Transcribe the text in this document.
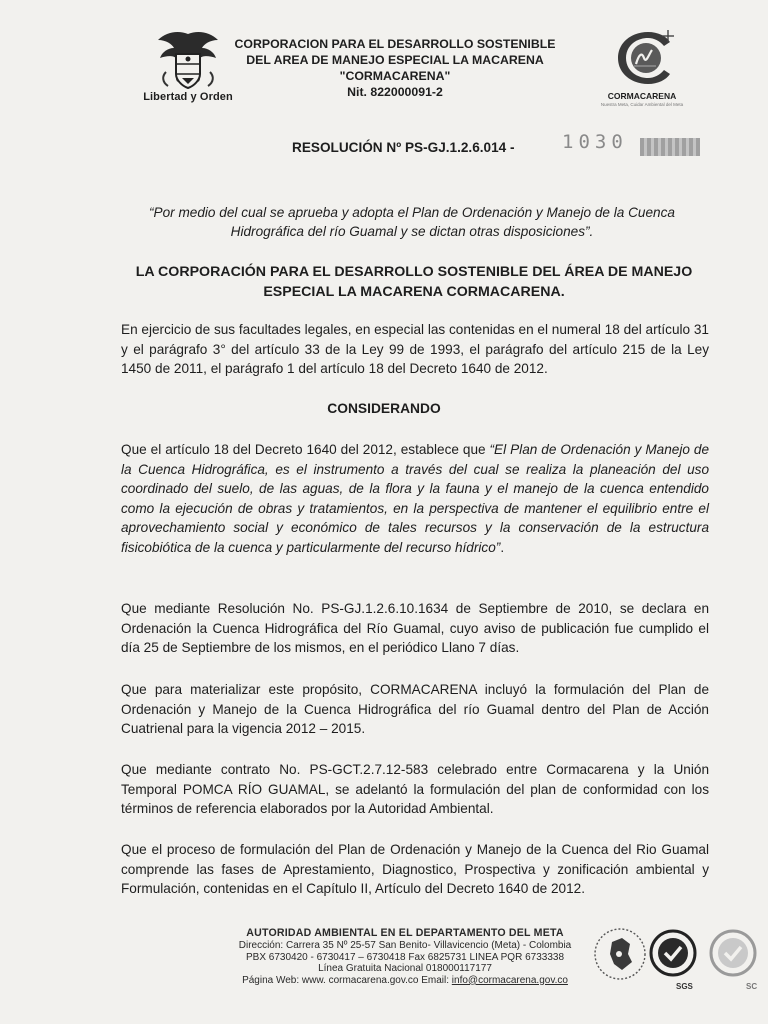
Libertad y Orden
CORPORACION PARA EL DESARROLLO SOSTENIBLE
DEL AREA DE MANEJO ESPECIAL LA MACARENA
"CORMACARENA"
Nit. 822000091-2	CORMACARENA
Nuestra Meta, Cuidar Ambiental del Meta
RESOLUCIÓN Nº PS-GJ.1.2.6.014 - 1030
“Por medio del cual se aprueba y adopta el Plan de Ordenación y Manejo de la Cuenca Hidrográfica del río Guamal y se dictan otras disposiciones”.
LA CORPORACIÓN PARA EL DESARROLLO SOSTENIBLE DEL ÁREA DE MANEJO ESPECIAL LA MACARENA CORMACARENA.
En ejercicio de sus facultades legales, en especial las contenidas en el numeral 18 del artículo 31 y el parágrafo 3° del artículo 33 de la Ley 99 de 1993, el parágrafo del artículo 215 de la Ley 1450 de 2011, el parágrafo 1 del artículo 18 del Decreto 1640 de 2012.
CONSIDERANDO
Que el artículo 18 del Decreto 1640 del 2012, establece que “El Plan de Ordenación y Manejo de la Cuenca Hidrográfica, es el instrumento a través del cual se realiza la planeación del uso coordinado del suelo, de las aguas, de la flora y la fauna y el manejo de la cuenca entendido como la ejecución de obras y tratamientos, en la perspectiva de mantener el equilibrio entre el aprovechamiento social y económico de tales recursos y la conservación de la estructura fisicobiótica de la cuenca y particularmente del recurso hídrico”.
Que mediante Resolución No. PS-GJ.1.2.6.10.1634 de Septiembre de 2010, se declara en Ordenación la Cuenca Hidrográfica del Río Guamal, cuyo aviso de publicación fue cumplido el día 25 de Septiembre de los mismos, en el periódico Llano 7 días.
Que para materializar este propósito, CORMACARENA incluyó la formulación del Plan de Ordenación y Manejo de la Cuenca Hidrográfica del río Guamal dentro del Plan de Acción Cuatrienal para la vigencia 2012 – 2015.
Que mediante contrato No. PS-GCT.2.7.12-583 celebrado entre Cormacarena y la Unión Temporal POMCA RÍO GUAMAL, se adelantó la formulación del plan de conformidad con los términos de referencia elaborados por la Autoridad Ambiental.
Que el proceso de formulación del Plan de Ordenación y Manejo de la Cuenca del Rio Guamal comprende las fases de Aprestamiento, Diagnostico, Prospectiva y zonificación ambiental y Formulación, contenidas en el Capítulo II, Artículo del Decreto 1640 de 2012.
AUTORIDAD AMBIENTAL EN EL DEPARTAMENTO DEL META
Dirección: Carrera 35 Nº 25-57 San Benito- Villavicencio (Meta) - Colombia
PBX 6730420 - 6730417 – 6730418 Fax 6825731 LINEA PQR 6733338
Línea Gratuita Nacional 018000117177
Página Web: www. cormacarena.gov.co Email: info@cormacarena.gov.co
SGS	SC
